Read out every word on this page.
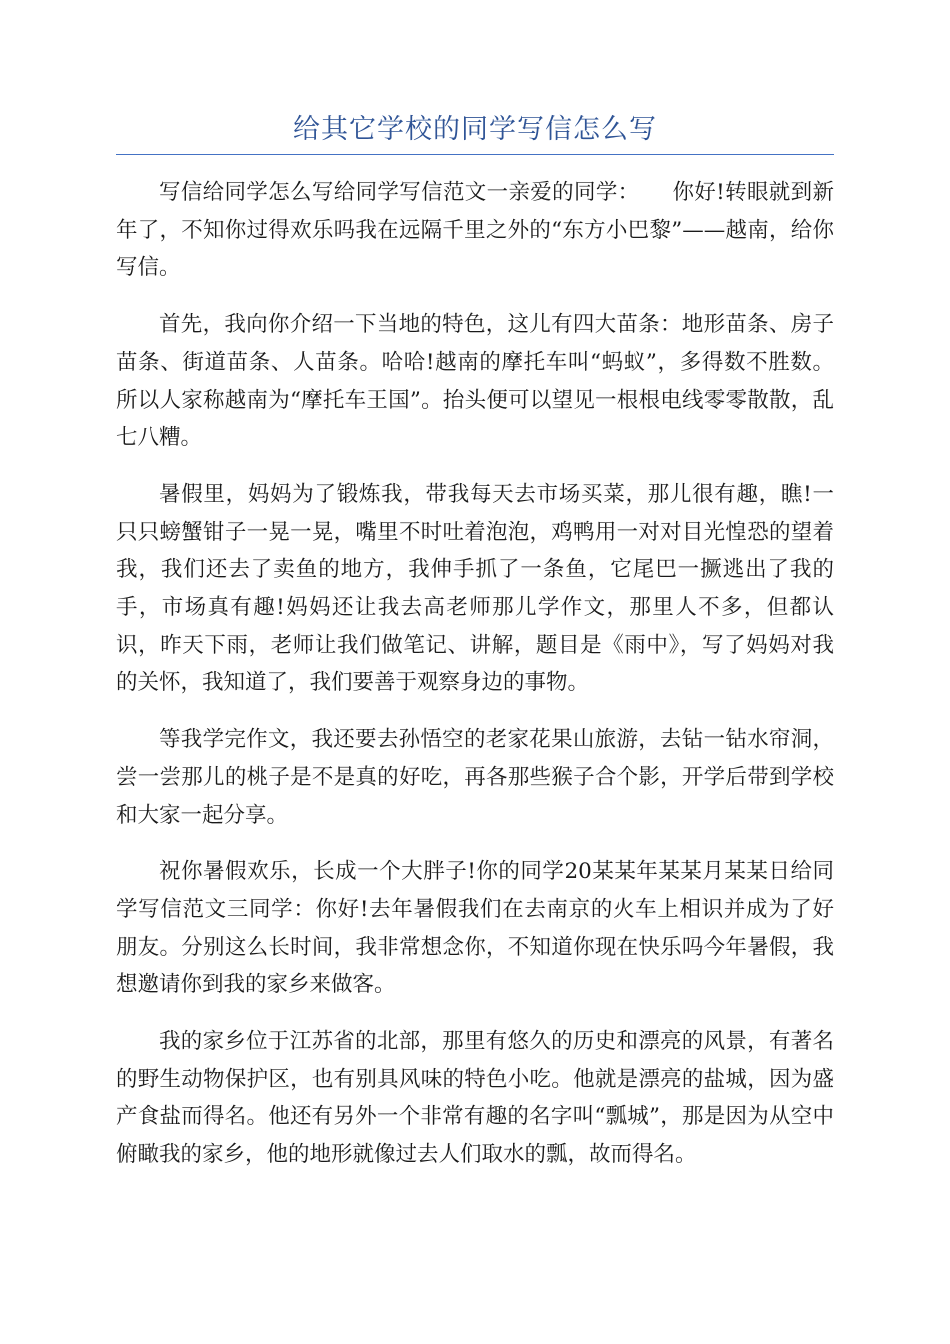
给其它学校的同学写信怎么写

写信给同学怎么写给同学写信范文一亲爱的同学：　　你好!转眼就到新年了，不知你过得欢乐吗我在远隔千里之外的“东方小巴黎”——越南，给你写信。

首先，我向你介绍一下当地的特色，这儿有四大苗条：地形苗条、房子苗条、街道苗条、人苗条。哈哈!越南的摩托车叫“蚂蚁”，多得数不胜数。所以人家称越南为“摩托车王国”。抬头便可以望见一根根电线零零散散，乱七八糟。

暑假里，妈妈为了锻炼我，带我每天去市场买菜，那儿很有趣，瞧!一只只螃蟹钳子一晃一晃，嘴里不时吐着泡泡，鸡鸭用一对对目光惶恐的望着我，我们还去了卖鱼的地方，我伸手抓了一条鱼，它尾巴一撅逃出了我的手，市场真有趣!妈妈还让我去高老师那儿学作文，那里人不多，但都认识，昨天下雨，老师让我们做笔记、讲解，题目是《雨中》，写了妈妈对我的关怀，我知道了，我们要善于观察身边的事物。

等我学完作文，我还要去孙悟空的老家花果山旅游，去钻一钻水帘洞，尝一尝那儿的桃子是不是真的好吃，再各那些猴子合个影，开学后带到学校和大家一起分享。

祝你暑假欢乐，长成一个大胖子!你的同学20某某年某某月某某日给同学写信范文三同学：你好!去年暑假我们在去南京的火车上相识并成为了好朋友。分别这么长时间，我非常想念你，不知道你现在快乐吗今年暑假，我想邀请你到我的家乡来做客。

我的家乡位于江苏省的北部，那里有悠久的历史和漂亮的风景，有著名的野生动物保护区，也有别具风味的特色小吃。他就是漂亮的盐城，因为盛产食盐而得名。他还有另外一个非常有趣的名字叫“瓢城”，那是因为从空中俯瞰我的家乡，他的地形就像过去人们取水的瓢，故而得名。
